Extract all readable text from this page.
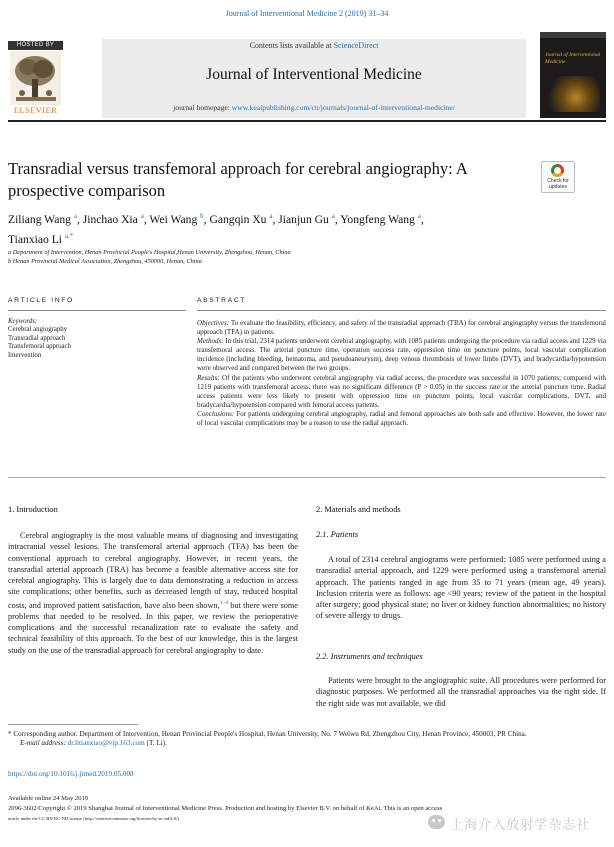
Journal of Interventional Medicine 2 (2019) 31–34
HOSTED BY
ELSEVIER
Contents lists available at ScienceDirect
Journal of Interventional Medicine
journal homepage: www.keaipublishing.com/cn/journals/journal-of-interventional-medicine/
Journal of Interventional Medicine
Transradial versus transfemoral approach for cerebral angiography: A prospective comparison	Check for updates
Ziliang Wang $^a$, Jinchao Xia $^a$, Wei Wang $^b$, Gangqin Xu $^a$, Jianjun Gu $^a$, Yongfeng Wang $^a$,
Tianxiao Li $^{a,*}$
a Department of Intervention, Henan Provincial People's Hospital,Henan University, Zhengzhou, Henan, China
b Henan Provincial Medical Association, Zhengzhou, 450000, Henan, China
ARTICLE INFO	ABSTRACT
Keywords:
Cerebral angiography
Transradial approach
Transfemoral approach
Intervention

Objectives: To evaluate the feasibility, efficiency, and safety of the transradial approach (TRA) for cerebral angiography versus the transfemoral approach (TFA) in patients.

Methods: In this trial, 2314 patients underwent cerebral angiography, with 1085 patients undergoing the procedure via radial access and 1229 via transfemoral access. The arterial puncture time, operation success rate, oppression time on puncture points, local vascular complication incidence (including bleeding, hematoma, and pseudoaneurysm), deep venous thrombosis of lower limbs (DVT), and bradycardia/hypotension were observed and compared between the two groups.

Results: Of the patients who underwent cerebral angiography via radial access, the procedure was successful in 1070 patients; compared with 1219 patients with transfemoral access, there was no significant difference (P > 0.05) in the success rate or the arterial puncture time. Radial access patients were less likely to present with oppression time on puncture points, local vascular complications, DVT, and bradycardia/hypotension compared with femoral access patients.

Conclusions: For patients undergoing cerebral angiography, radial and femoral approaches are both safe and effective. However, the lower rate of local vascular complications may be a reason to use the radial approach.

1. Introduction

Cerebral angiography is the most valuable means of diagnosing and investigating intracranial vessel lesions. The transfemoral arterial approach (TFA) has been the conventional approach to cerebral angiography. However, in recent years, the transradial arterial approach (TRA) has become a feasible alternative access site for cerebral angiography. This is largely due to data demonstrating a reduction in access site complications; other benefits, such as decreased length of stay, reduced hospital costs, and improved patient satisfaction, have also been shown,$^{1-4}$ but there were some problems that needed to be resolved. In this paper, we review the perioperative complications and the successful recanalization rate to evaluate the safety and technical feasibility of this approach. To the best of our knowledge, this is the largest study on the use of the transradial approach for cerebral angiography to date.

2. Materials and methods
2.1. Patients

A total of 2314 cerebral angiograms were performed: 1085 were performed using a transradial arterial approach, and 1229 were performed using a transfemoral arterial approach. The patients ranged in age from 35 to 71 years (mean age, 49 years). Inclusion criteria were as follows: age <90 years; review of the patient in the hospital after surgery; good physical state; no liver or kidney function abnormalities; no history of severe allergy to drugs.

2.2. Instruments and techniques

Patients were brought to the angiographic suite. All procedures were performed for diagnostic purposes. We performed all the transradial approaches via the right side. If the right side was not available, we did

* Corresponding author. Department of Intervention, Henan Provincial People's Hospital, Henan University, No. 7 Weiwu Rd, Zhengzhou City, Henan Province, 450003, PR China.
E-mail address: dr.litianxiao@vip.163.com (T. Li).
https://doi.org/10.1016/j.jimed.2019.05.008
Available online 24 May 2019
2096-3602/Copyright © 2019 Shanghai Journal of Interventional Medicine Press. Production and hosting by Elsevier B.V. on behalf of KeAi. This is an open access
article under the CC BY-NC-ND license (http://creativecommons.org/licenses/by-nc-nd/4.0/).	上海介入放射学杂志社
